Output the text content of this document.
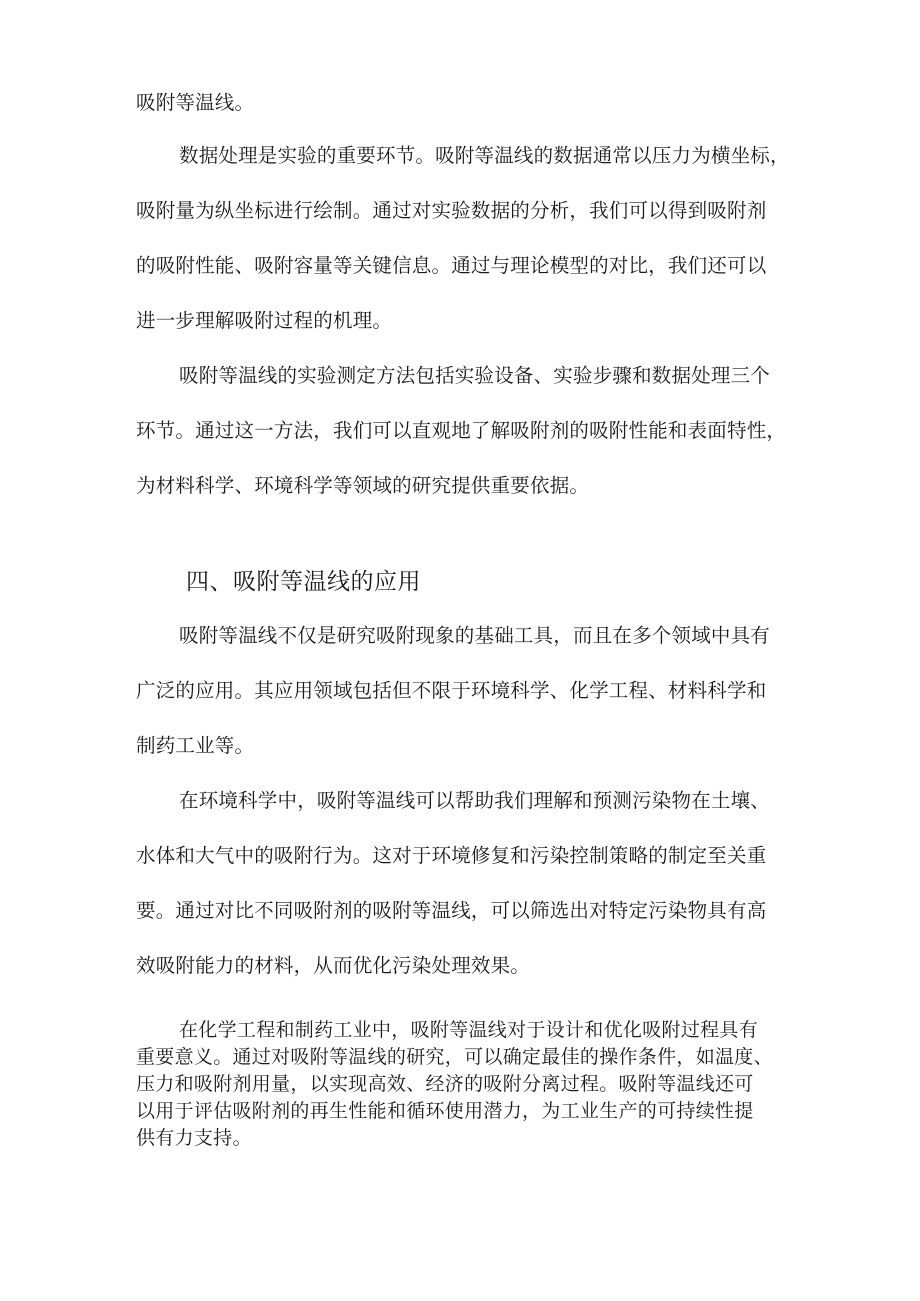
吸附等温线。
数据处理是实验的重要环节。吸附等温线的数据通常以压力为横坐标，
吸附量为纵坐标进行绘制。通过对实验数据的分析，我们可以得到吸附剂
的吸附性能、吸附容量等关键信息。通过与理论模型的对比，我们还可以
进一步理解吸附过程的机理。
吸附等温线的实验测定方法包括实验设备、实验步骤和数据处理三个
环节。通过这一方法，我们可以直观地了解吸附剂的吸附性能和表面特性，
为材料科学、环境科学等领域的研究提供重要依据。
四、吸附等温线的应用
吸附等温线不仅是研究吸附现象的基础工具，而且在多个领域中具有
广泛的应用。其应用领域包括但不限于环境科学、化学工程、材料科学和
制药工业等。
在环境科学中，吸附等温线可以帮助我们理解和预测污染物在土壤、
水体和大气中的吸附行为。这对于环境修复和污染控制策略的制定至关重
要。通过对比不同吸附剂的吸附等温线，可以筛选出对特定污染物具有高
效吸附能力的材料，从而优化污染处理效果。
在化学工程和制药工业中，吸附等温线对于设计和优化吸附过程具有
重要意义。通过对吸附等温线的研究，可以确定最佳的操作条件，如温度、
压力和吸附剂用量，以实现高效、经济的吸附分离过程。吸附等温线还可
以用于评估吸附剂的再生性能和循环使用潜力，为工业生产的可持续性提
供有力支持。
